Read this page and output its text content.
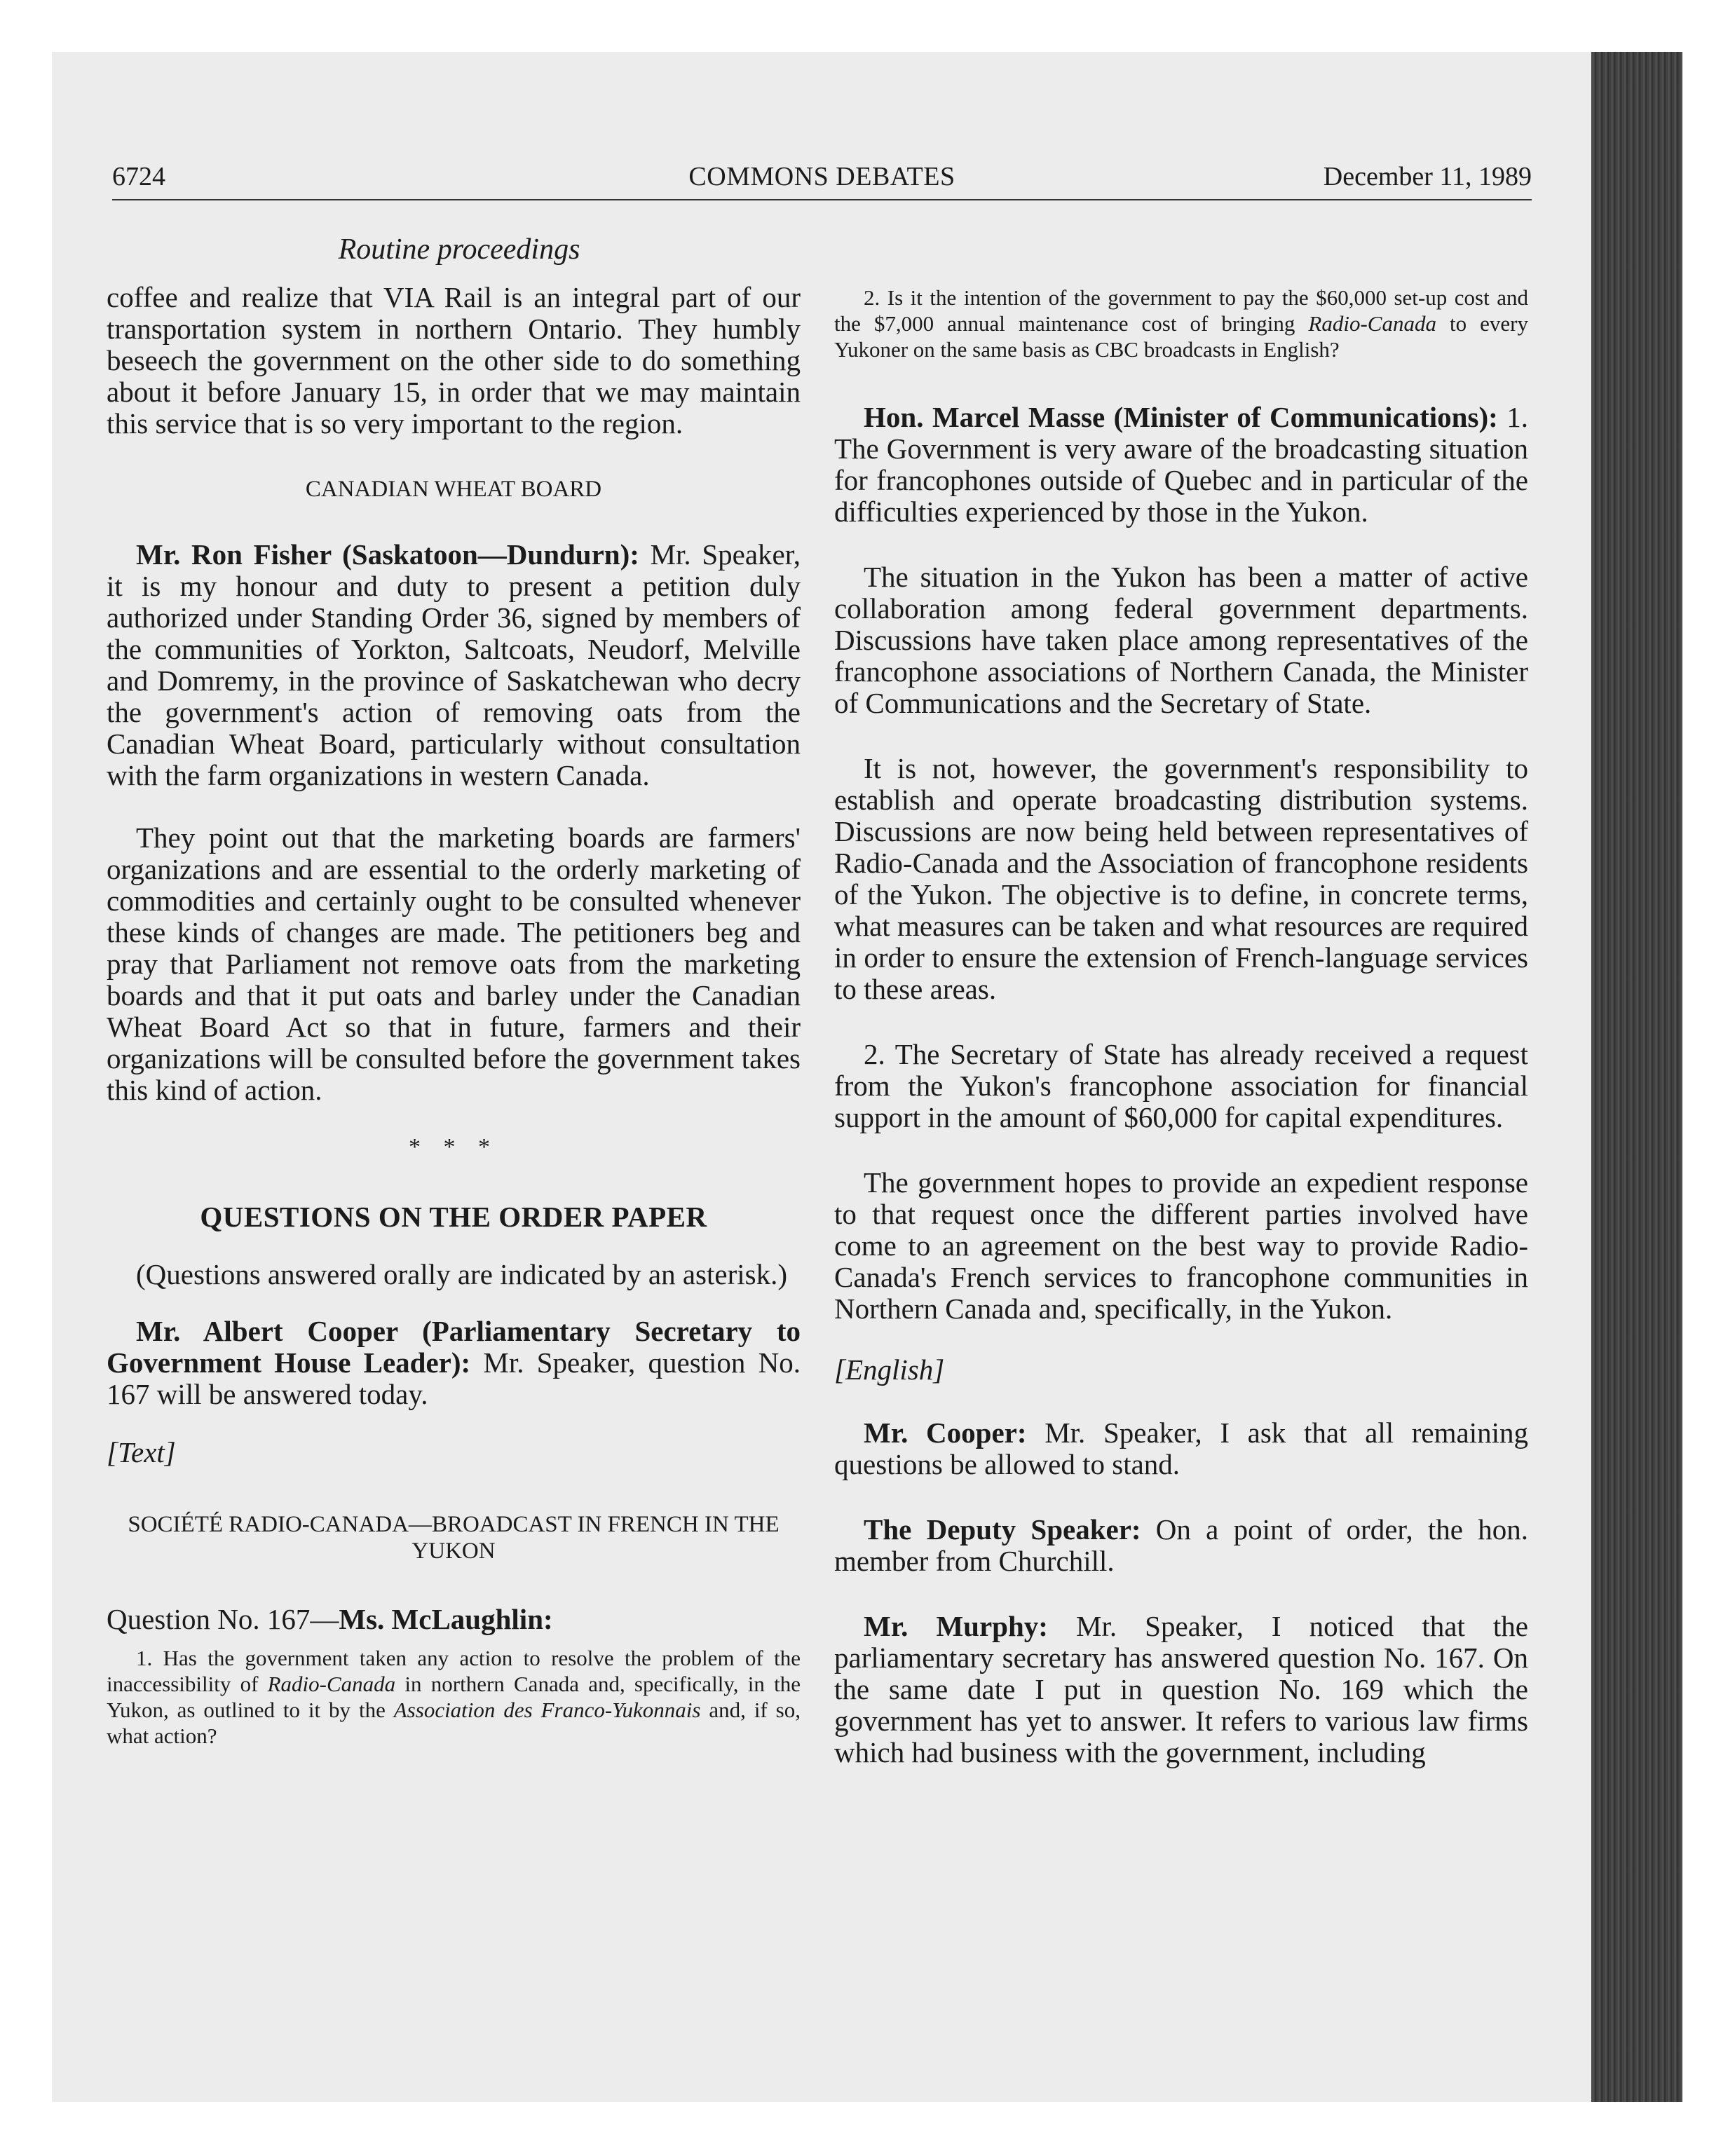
6724	COMMONS DEBATES	December 11, 1989
Routine proceedings

coffee and realize that VIA Rail is an integral part of our transportation system in northern Ontario. They humbly beseech the government on the other side to do something about it before January 15, in order that we may maintain this service that is so very important to the region.

CANADIAN WHEAT BOARD

Mr. Ron Fisher (Saskatoon—Dundurn): Mr. Speaker, it is my honour and duty to present a petition duly authorized under Standing Order 36, signed by members of the communities of Yorkton, Saltcoats, Neudorf, Melville and Domremy, in the province of Saskatchewan who decry the government's action of removing oats from the Canadian Wheat Board, particularly without consultation with the farm organizations in western Canada.

They point out that the marketing boards are farmers' organizations and are essential to the orderly marketing of commodities and certainly ought to be consulted whenever these kinds of changes are made. The petitioners beg and pray that Parliament not remove oats from the marketing boards and that it put oats and barley under the Canadian Wheat Board Act so that in future, farmers and their organizations will be consulted before the government takes this kind of action.

* * *

QUESTIONS ON THE ORDER PAPER

(Questions answered orally are indicated by an asterisk.)

Mr. Albert Cooper (Parliamentary Secretary to Government House Leader): Mr. Speaker, question No. 167 will be answered today.

[Text]

SOCIÉTÉ RADIO-CANADA—BROADCAST IN FRENCH IN THE YUKON

Question No. 167—Ms. McLaughlin:

1. Has the government taken any action to resolve the problem of the inaccessibility of Radio-Canada in northern Canada and, specifically, in the Yukon, as outlined to it by the Association des Franco-Yukonnais and, if so, what action?

2. Is it the intention of the government to pay the $60,000 set-up cost and the $7,000 annual maintenance cost of bringing Radio-Canada to every Yukoner on the same basis as CBC broadcasts in English?

Hon. Marcel Masse (Minister of Communications): 1. The Government is very aware of the broadcasting situation for francophones outside of Quebec and in particular of the difficulties experienced by those in the Yukon.

The situation in the Yukon has been a matter of active collaboration among federal government departments. Discussions have taken place among representatives of the francophone associations of Northern Canada, the Minister of Communications and the Secretary of State.

It is not, however, the government's responsibility to establish and operate broadcasting distribution systems. Discussions are now being held between representatives of Radio-Canada and the Association of francophone residents of the Yukon. The objective is to define, in concrete terms, what measures can be taken and what resources are required in order to ensure the extension of French-language services to these areas.

2. The Secretary of State has already received a request from the Yukon's francophone association for financial support in the amount of $60,000 for capital expenditures.

The government hopes to provide an expedient response to that request once the different parties involved have come to an agreement on the best way to provide Radio-Canada's French services to francophone communities in Northern Canada and, specifically, in the Yukon.

[English]

Mr. Cooper: Mr. Speaker, I ask that all remaining questions be allowed to stand.

The Deputy Speaker: On a point of order, the hon. member from Churchill.

Mr. Murphy: Mr. Speaker, I noticed that the parliamentary secretary has answered question No. 167. On the same date I put in question No. 169 which the government has yet to answer. It refers to various law firms which had business with the government, including
